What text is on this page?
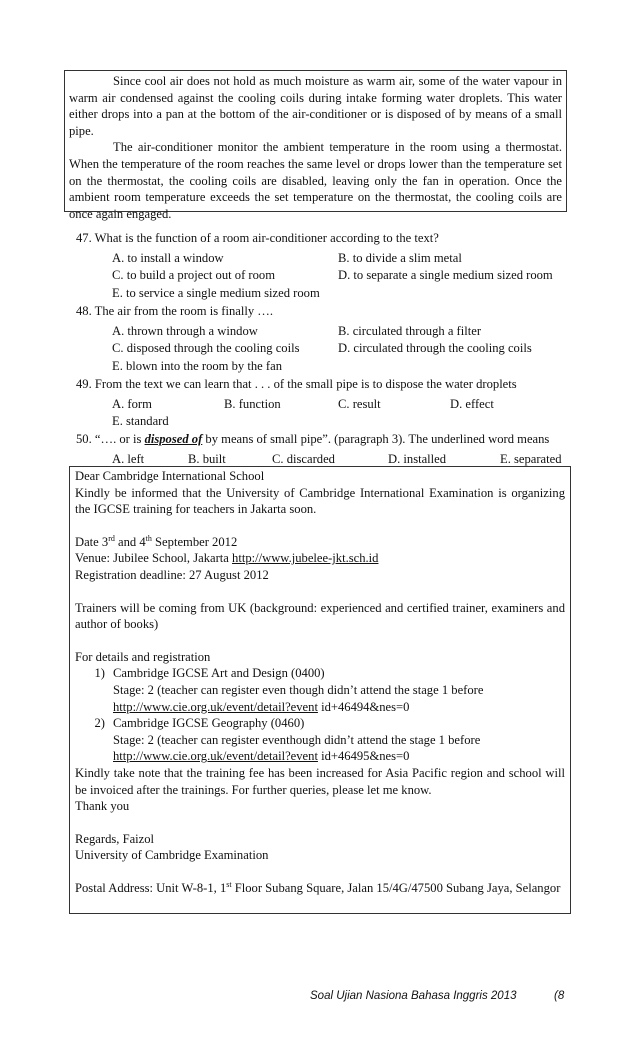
Since cool air does not hold as much moisture as warm air, some of the water vapour in warm air condensed against the cooling coils during intake forming water droplets. This water either drops into a pan at the bottom of the air-conditioner or is disposed of by means of a small pipe.

The air-conditioner monitor the ambient temperature in the room using a thermostat. When the temperature of the room reaches the same level or drops lower than the temperature set on the thermostat, the cooling coils are disabled, leaving only the fan in operation. Once the ambient room temperature exceeds the set temperature on the thermostat, the cooling coils are once again engaged.

47. What is the function of a room air-conditioner according to the text?
A. to install a window	B. to divide a slim metal
C. to build a project out of room	D. to separate a single medium sized room
E. to service a single medium sized room
48. The air from the room is finally ….
A. thrown through a window	B. circulated through a filter
C. disposed through the cooling coils	D. circulated through the cooling coils
E. blown into the room by the fan
49. From the text we can learn that . . . of the small pipe is to dispose the water droplets
A. form	B. function	C. result	D. effect
E. standard
50. “…. or is disposed of by means of small pipe”. (paragraph 3). The underlined word means
A. left	B. built	C. discarded	D. installed	E. separated

Dear Cambridge International School

Kindly be informed that the University of Cambridge International Examination is organizing the IGCSE training for teachers in Jakarta soon.

Date 3rd and 4th September 2012

Venue: Jubilee School, Jakarta http://www.jubelee-jkt.sch.id

Registration deadline: 27 August 2012

Trainers will be coming from UK (background: experienced and certified trainer, examiners and author of books)

For details and registration

1) Cambridge IGCSE Art and Design (0400)
Stage: 2 (teacher can register even though didn’t attend the stage 1 before
http://www.cie.org.uk/event/detail?event id+46494&nes=0
2) Cambridge IGCSE Geography (0460)
Stage: 2 (teacher can register eventhough didn’t attend the stage 1 before
http://www.cie.org.uk/event/detail?event id+46495&nes=0

Kindly take note that the training fee has been increased for Asia Pacific region and school will be invoiced after the trainings. For further queries, please let me know.

Thank you

Regards, Faizol

University of Cambridge Examination

Postal Address: Unit W-8-1, 1st Floor Subang Square, Jalan 15/4G/47500 Subang Jaya, Selangor

Soal Ujian Nasiona Bahasa Inggris 2013	(8
